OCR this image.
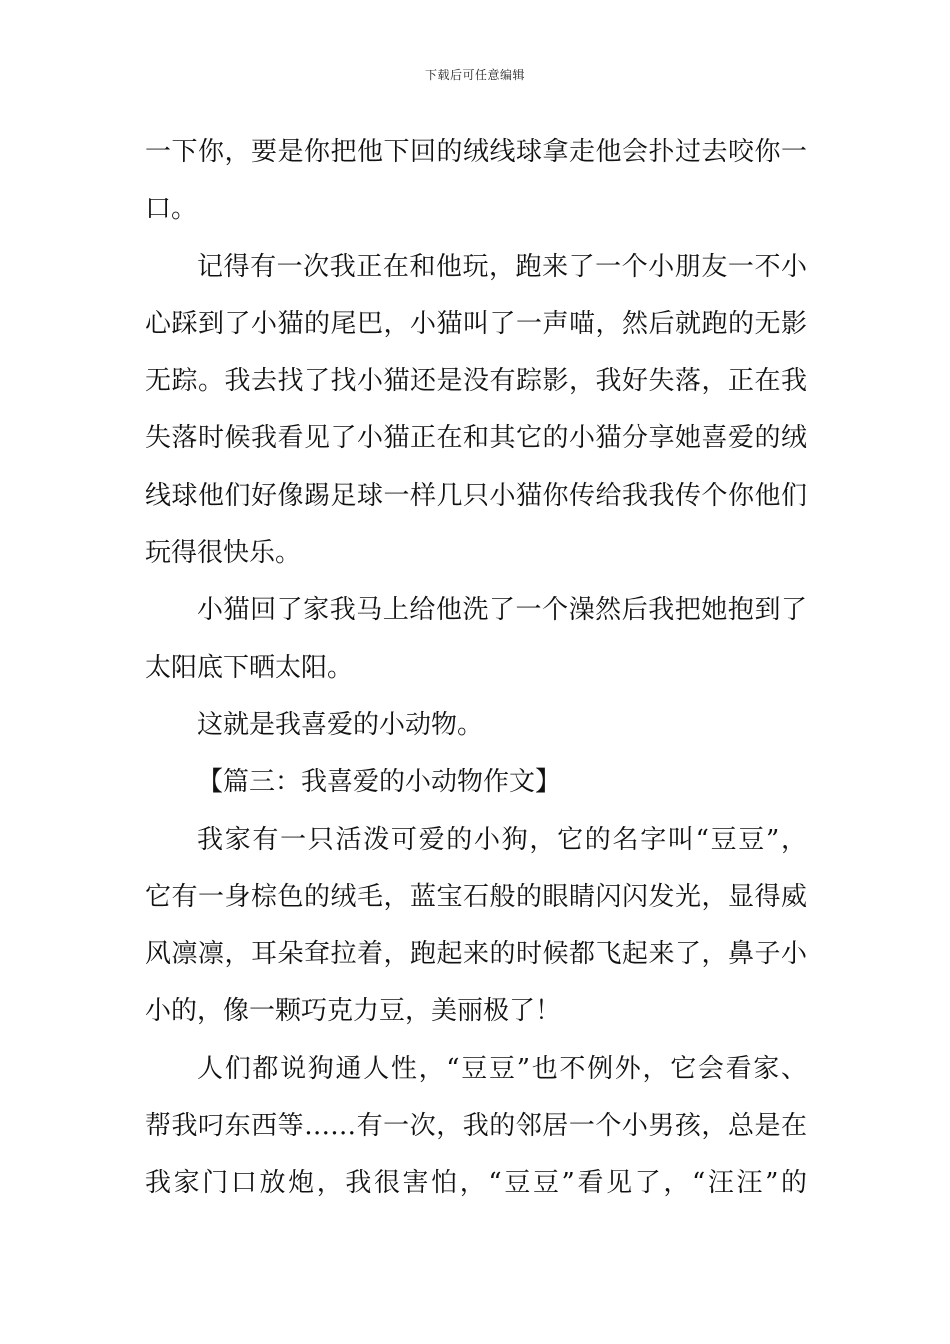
下载后可任意编辑
一下你，要是你把他下回的绒线球拿走他会扑过去咬你一
口。
记得有一次我正在和他玩，跑来了一个小朋友一不小
心踩到了小猫的尾巴，小猫叫了一声喵，然后就跑的无影
无踪。我去找了找小猫还是没有踪影，我好失落，正在我
失落时候我看见了小猫正在和其它的小猫分享她喜爱的绒
线球他们好像踢足球一样几只小猫你传给我我传个你他们
玩得很快乐。
小猫回了家我马上给他洗了一个澡然后我把她抱到了
太阳底下晒太阳。
这就是我喜爱的小动物。
【篇三：我喜爱的小动物作文】
我家有一只活泼可爱的小狗，它的名字叫“豆豆”，
它有一身棕色的绒毛，蓝宝石般的眼睛闪闪发光，显得威
风凛凛，耳朵耷拉着，跑起来的时候都飞起来了，鼻子小
小的，像一颗巧克力豆，美丽极了！
人们都说狗通人性，“豆豆”也不例外，它会看家、
帮我叼东西等……有一次，我的邻居一个小男孩，总是在
我家门口放炮，我很害怕，“豆豆”看见了，“汪汪”的
